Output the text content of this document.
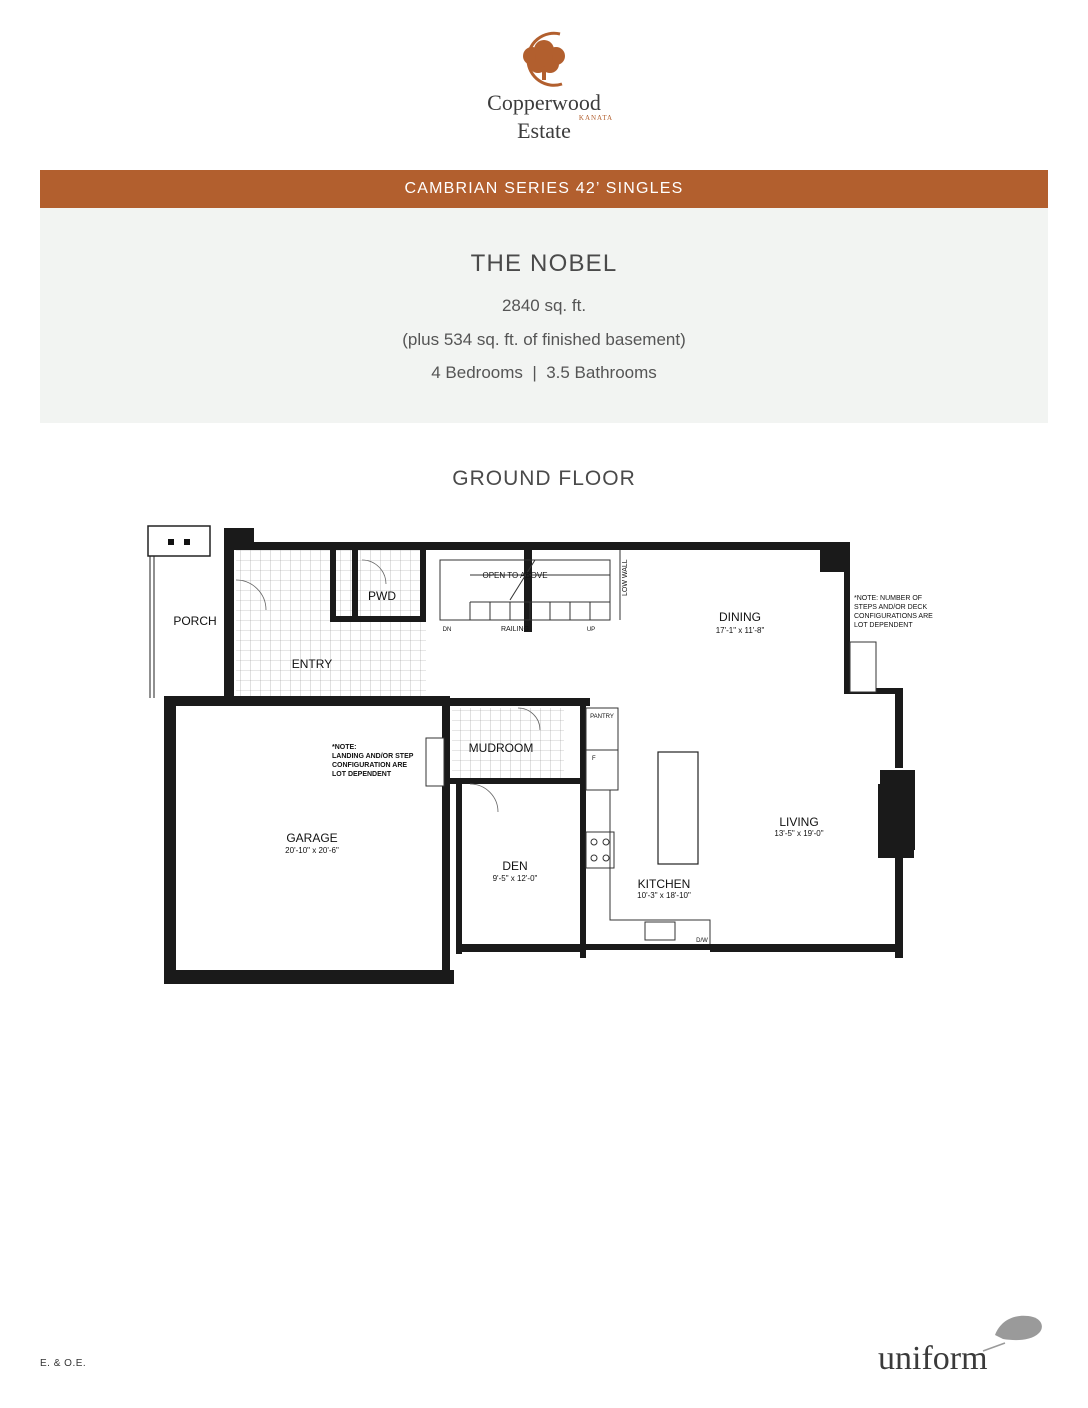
Copperwood
KANATA
Estate
CAMBRIAN SERIES 42’ SINGLES
THE NOBEL
2840 sq. ft.
(plus 534 sq. ft. of finished basement)
4 Bedrooms  |  3.5 Bathrooms
GROUND FLOOR
PORCH
ENTRY
PWD
OPEN TO ABOVE
RAILING
DN	UP
LOW WALL
DINING
17'-1" x 11'-8"
GARAGE
20'-10" x 20'-6"
MUDROOM
PANTRY
F
DEN
9'-5" x 12'-0"	KITCHEN
10'-3" x 18'-10"
D/W
LIVING
13'-5" x 19'-0"
*NOTE:
LANDING AND/OR STEP
CONFIGURATION ARE
LOT DEPENDENT
*NOTE: NUMBER OF
STEPS AND/OR DECK
CONFIGURATIONS ARE
LOT DEPENDENT
E. & O.E.	uniform
